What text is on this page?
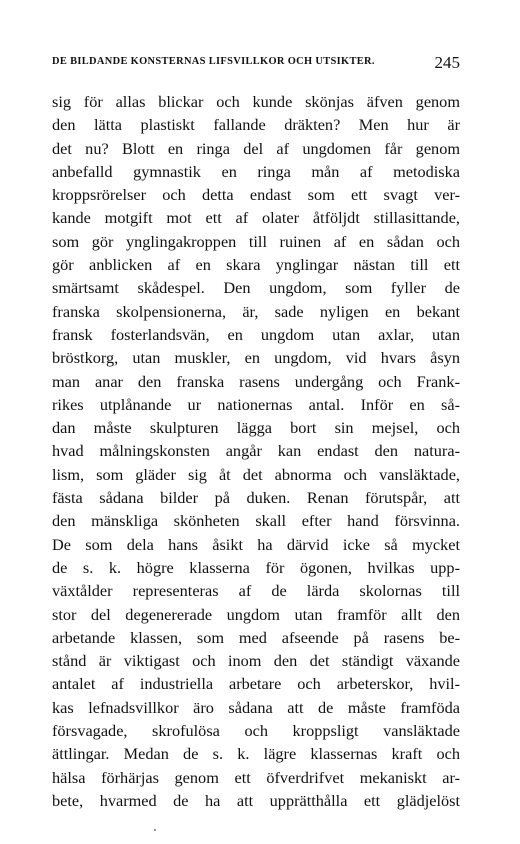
DE BILDANDE KONSTERNAS LIFSVILLKOR OCH UTSIKTER.	245
sig för allas blickar och kunde skönjas äfven genom
den lätta plastiskt fallande dräkten? Men hur är
det nu? Blott en ringa del af ungdomen får genom
anbefalld gymnastik en ringa mån af metodiska
kroppsrörelser och detta endast som ett svagt ver-
kande motgift mot ett af olater åtföljdt stillasittande,
som gör ynglingakroppen till ruinen af en sådan och
gör anblicken af en skara ynglingar nästan till ett
smärtsamt skådespel. Den ungdom, som fyller de
franska skolpensionerna, är, sade nyligen en bekant
fransk fosterlandsvän, en ungdom utan axlar, utan
bröstkorg, utan muskler, en ungdom, vid hvars åsyn
man anar den franska rasens undergång och Frank-
rikes utplånande ur nationernas antal. Inför en så-
dan måste skulpturen lägga bort sin mejsel, och
hvad målningskonsten angår kan endast den natura-
lism, som gläder sig åt det abnorma och vansläktade,
fästa sådana bilder på duken. Renan förutspår, att
den mänskliga skönheten skall efter hand försvinna.
De som dela hans åsikt ha därvid icke så mycket
de s. k. högre klasserna för ögonen, hvilkas upp-
växtålder representeras af de lärda skolornas till
stor del degenererade ungdom utan framför allt den
arbetande klassen, som med afseende på rasens be-
stånd är viktigast och inom den det ständigt växande
antalet af industriella arbetare och arbeterskor, hvil-
kas lefnadsvillkor äro sådana att de måste framföda
försvagade, skrofulösa och kroppsligt vansläktade
ättlingar. Medan de s. k. lägre klassernas kraft och
hälsa förhärjas genom ett öfverdrifvet mekaniskt ar-
bete, hvarmed de ha att upprätthålla ett glädjelöst
